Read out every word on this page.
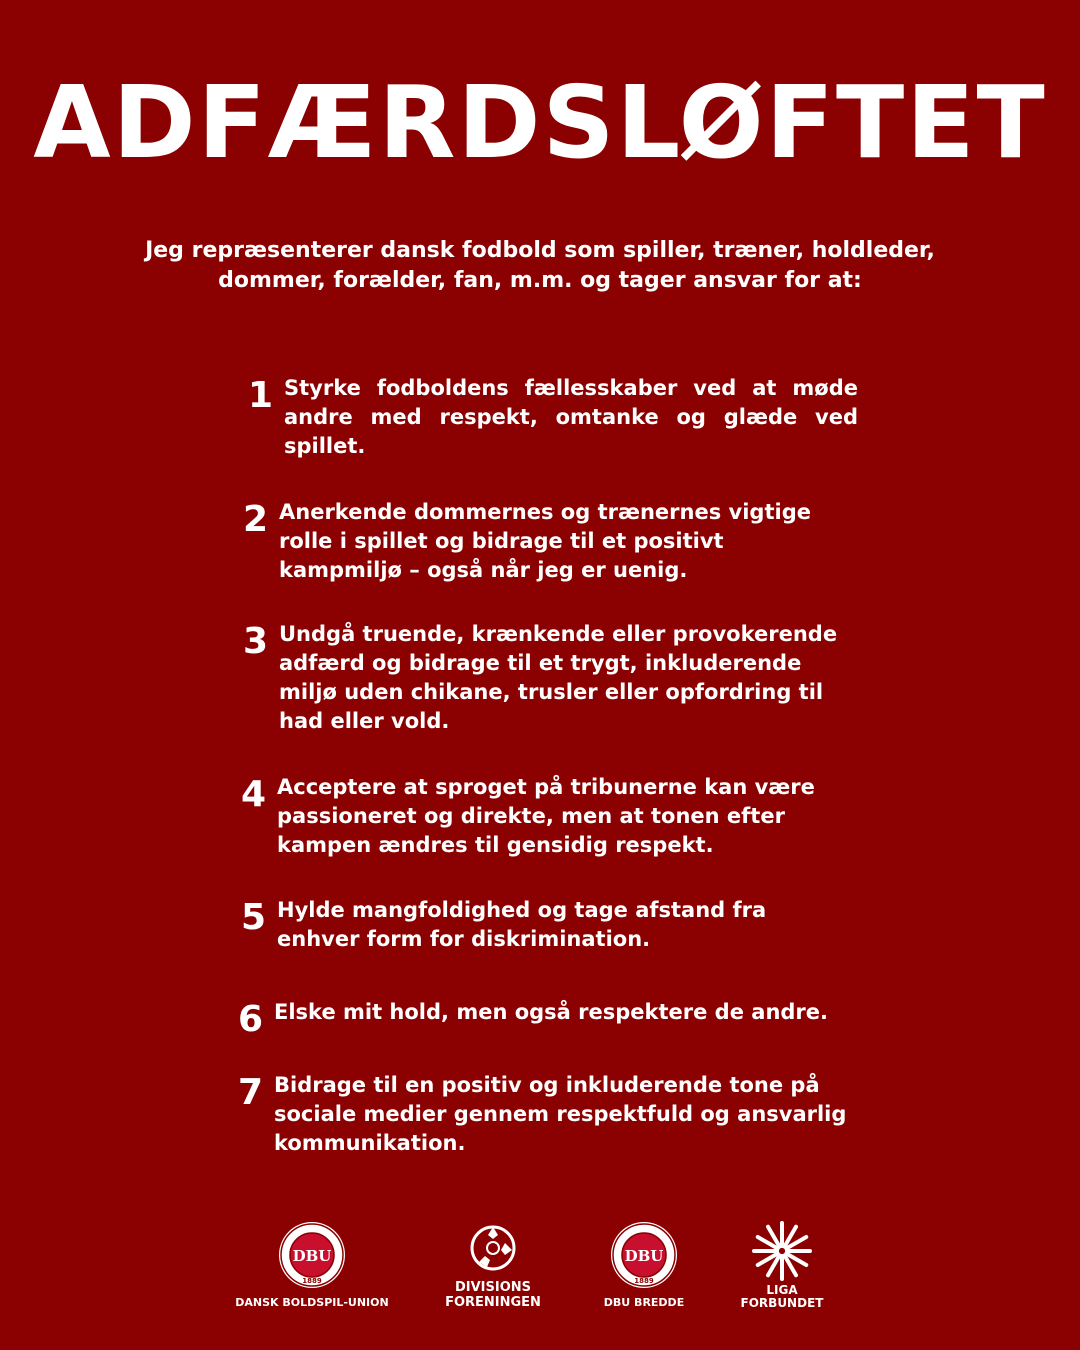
ADFÆRDSLØFTET
Jeg repræsenterer dansk fodbold som spiller, træner, holdleder, dommer, forælder, fan, m.m. og tager ansvar for at:
1 Styrke fodboldens fællesskaber ved at møde andre med respekt, omtanke og glæde ved spillet.
2 Anerkende dommernes og trænernes vigtige rolle i spillet og bidrage til et positivt kampmiljø – også når jeg er uenig.
3 Undgå truende, krænkende eller provokerende adfærd og bidrage til et trygt, inkluderende miljø uden chikane, trusler eller opfordring til had eller vold.
4 Acceptere at sproget på tribunerne kan være passioneret og direkte, men at tonen efter kampen ændres til gensidig respekt.
5 Hylde mangfoldighed og tage afstand fra enhver form for diskrimination.
6 Elske mit hold, men også respektere de andre.
7 Bidrage til en positiv og inkluderende tone på sociale medier gennem respektfuld og ansvarlig kommunikation.
DBU
1889
DANSK BOLDSPIL-UNION
DIVISIONS
FORENINGEN
DBU
1889
DBU BREDDE
LIGA
FORBUNDET
